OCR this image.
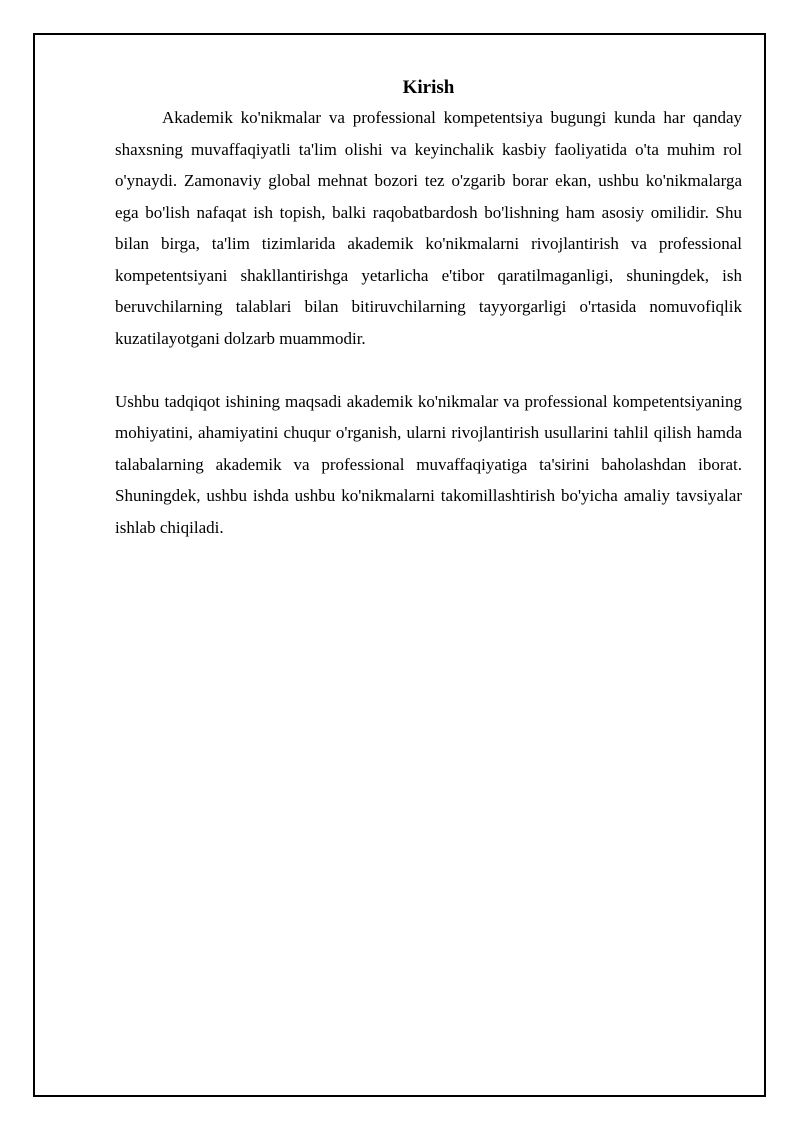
Kirish

Akademik ko'nikmalar va professional kompetentsiya bugungi kunda har qanday shaxsning muvaffaqiyatli ta'lim olishi va keyinchalik kasbiy faoliyatida o'ta muhim rol o'ynaydi. Zamonaviy global mehnat bozori tez o'zgarib borar ekan, ushbu ko'nikmalarga ega bo'lish nafaqat ish topish, balki raqobatbardosh bo'lishning ham asosiy omilidir. Shu bilan birga, ta'lim tizimlarida akademik ko'nikmalarni rivojlantirish va professional kompetentsiyani shakllantirishga yetarlicha e'tibor qaratilmaganligi, shuningdek, ish beruvchilarning talablari bilan bitiruvchilarning tayyorgarligi o'rtasida nomuvofiqlik kuzatilayotgani dolzarb muammodir.

Ushbu tadqiqot ishining maqsadi akademik ko'nikmalar va professional kompetentsiyaning mohiyatini, ahamiyatini chuqur o'rganish, ularni rivojlantirish usullarini tahlil qilish hamda talabalarning akademik va professional muvaffaqiyatiga ta'sirini baholashdan iborat. Shuningdek, ushbu ishda ushbu ko'nikmalarni takomillashtirish bo'yicha amaliy tavsiyalar ishlab chiqiladi.
